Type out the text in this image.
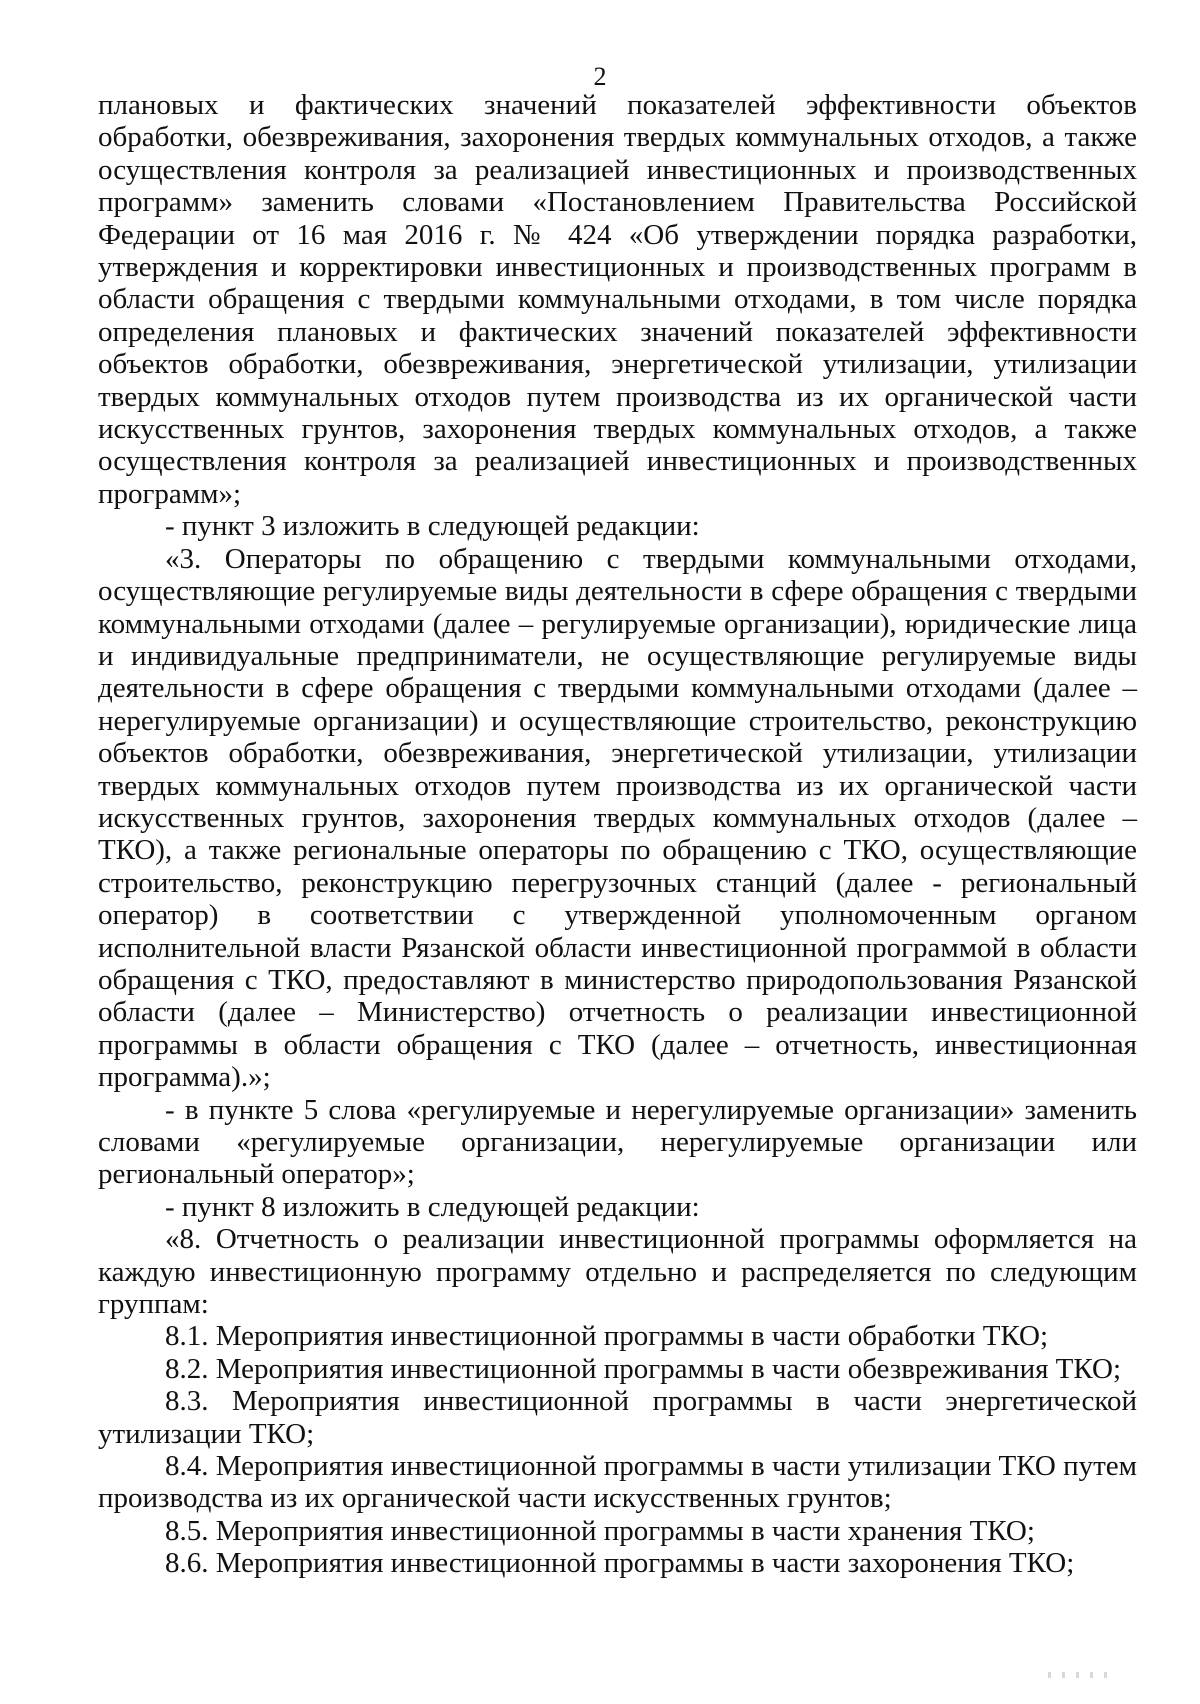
2

плановых и фактических значений показателей эффективности объектов обработки, обезвреживания, захоронения твердых коммунальных отходов, а также осуществления контроля за реализацией инвестиционных и производственных программ» заменить словами «Постановлением Правительства Российской Федерации от 16 мая 2016 г. № 424 «Об утверждении порядка разработки, утверждения и корректировки инвестиционных и производственных программ в области обращения с твердыми коммунальными отходами, в том числе порядка определения плановых и фактических значений показателей эффективности объектов обработки, обезвреживания, энергетической утилизации, утилизации твердых коммунальных отходов путем производства из их органической части искусственных грунтов, захоронения твердых коммунальных отходов, а также осуществления контроля за реализацией инвестиционных и производственных программ»;

- пункт 3 изложить в следующей редакции:

«3. Операторы по обращению с твердыми коммунальными отходами, осуществляющие регулируемые виды деятельности в сфере обращения с твердыми коммунальными отходами (далее – регулируемые организации), юридические лица и индивидуальные предприниматели, не осуществляющие регулируемые виды деятельности в сфере обращения с твердыми коммунальными отходами (далее – нерегулируемые организации) и осуществляющие строительство, реконструкцию объектов обработки, обезвреживания, энергетической утилизации, утилизации твердых коммунальных отходов путем производства из их органической части искусственных грунтов, захоронения твердых коммунальных отходов (далее – ТКО), а также региональные операторы по обращению с ТКО, осуществляющие строительство, реконструкцию перегрузочных станций (далее - региональный оператор) в соответствии с утвержденной уполномоченным органом исполнительной власти Рязанской области инвестиционной программой в области обращения с ТКО, предоставляют в министерство природопользования Рязанской области (далее – Министерство) отчетность о реализации инвестиционной программы в области обращения с ТКО (далее – отчетность, инвестиционная программа).»;

- в пункте 5 слова «регулируемые и нерегулируемые организации» заменить словами «регулируемые организации, нерегулируемые организации или региональный оператор»;

- пункт 8 изложить в следующей редакции:

«8. Отчетность о реализации инвестиционной программы оформляется на каждую инвестиционную программу отдельно и распределяется по следующим группам:

8.1. Мероприятия инвестиционной программы в части обработки ТКО;

8.2. Мероприятия инвестиционной программы в части обезвреживания ТКО;

8.3. Мероприятия инвестиционной программы в части энергетической утилизации ТКО;

8.4. Мероприятия инвестиционной программы в части утилизации ТКО путем производства из их органической части искусственных грунтов;

8.5. Мероприятия инвестиционной программы в части хранения ТКО;

8.6. Мероприятия инвестиционной программы в части захоронения ТКО;
